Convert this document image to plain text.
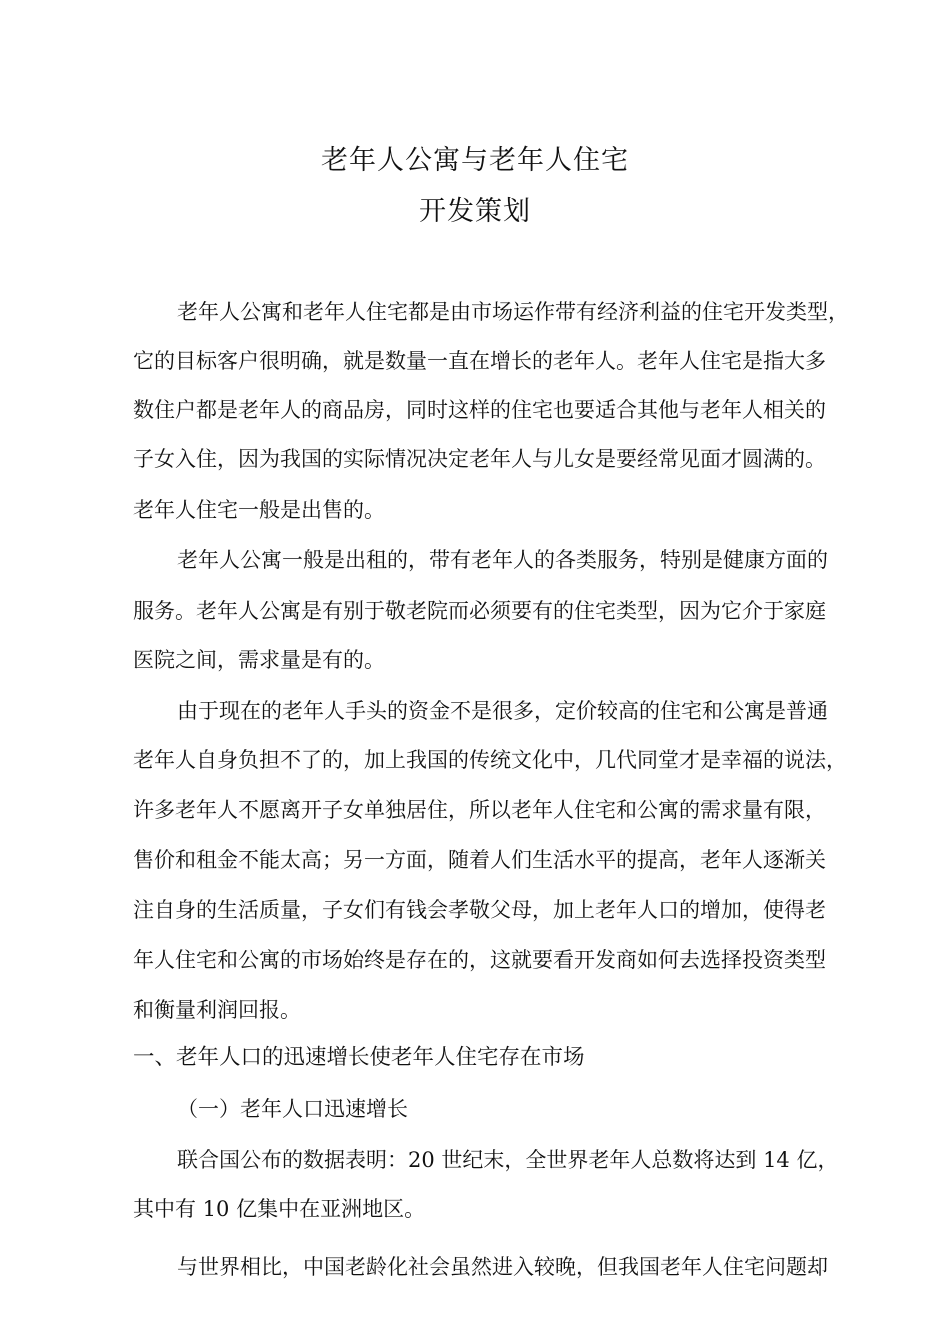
老年人公寓与老年人住宅
开发策划
老年人公寓和老年人住宅都是由市场运作带有经济利益的住宅开发类型，
它的目标客户很明确，就是数量一直在增长的老年人。老年人住宅是指大多
数住户都是老年人的商品房，同时这样的住宅也要适合其他与老年人相关的
子女入住，因为我国的实际情况决定老年人与儿女是要经常见面才圆满的。
老年人住宅一般是出售的。
老年人公寓一般是出租的，带有老年人的各类服务，特别是健康方面的
服务。老年人公寓是有别于敬老院而必须要有的住宅类型，因为它介于家庭
医院之间，需求量是有的。
由于现在的老年人手头的资金不是很多，定价较高的住宅和公寓是普通
老年人自身负担不了的，加上我国的传统文化中，几代同堂才是幸福的说法，
许多老年人不愿离开子女单独居住，所以老年人住宅和公寓的需求量有限，
售价和租金不能太高；另一方面，随着人们生活水平的提高，老年人逐渐关
注自身的生活质量，子女们有钱会孝敬父母，加上老年人口的增加，使得老
年人住宅和公寓的市场始终是存在的，这就要看开发商如何去选择投资类型
和衡量利润回报。
一、老年人口的迅速增长使老年人住宅存在市场
（一）老年人口迅速增长
联合国公布的数据表明：20 世纪末，全世界老年人总数将达到 14 亿，
其中有 10 亿集中在亚洲地区。
与世界相比，中国老龄化社会虽然进入较晚，但我国老年人住宅问题却
